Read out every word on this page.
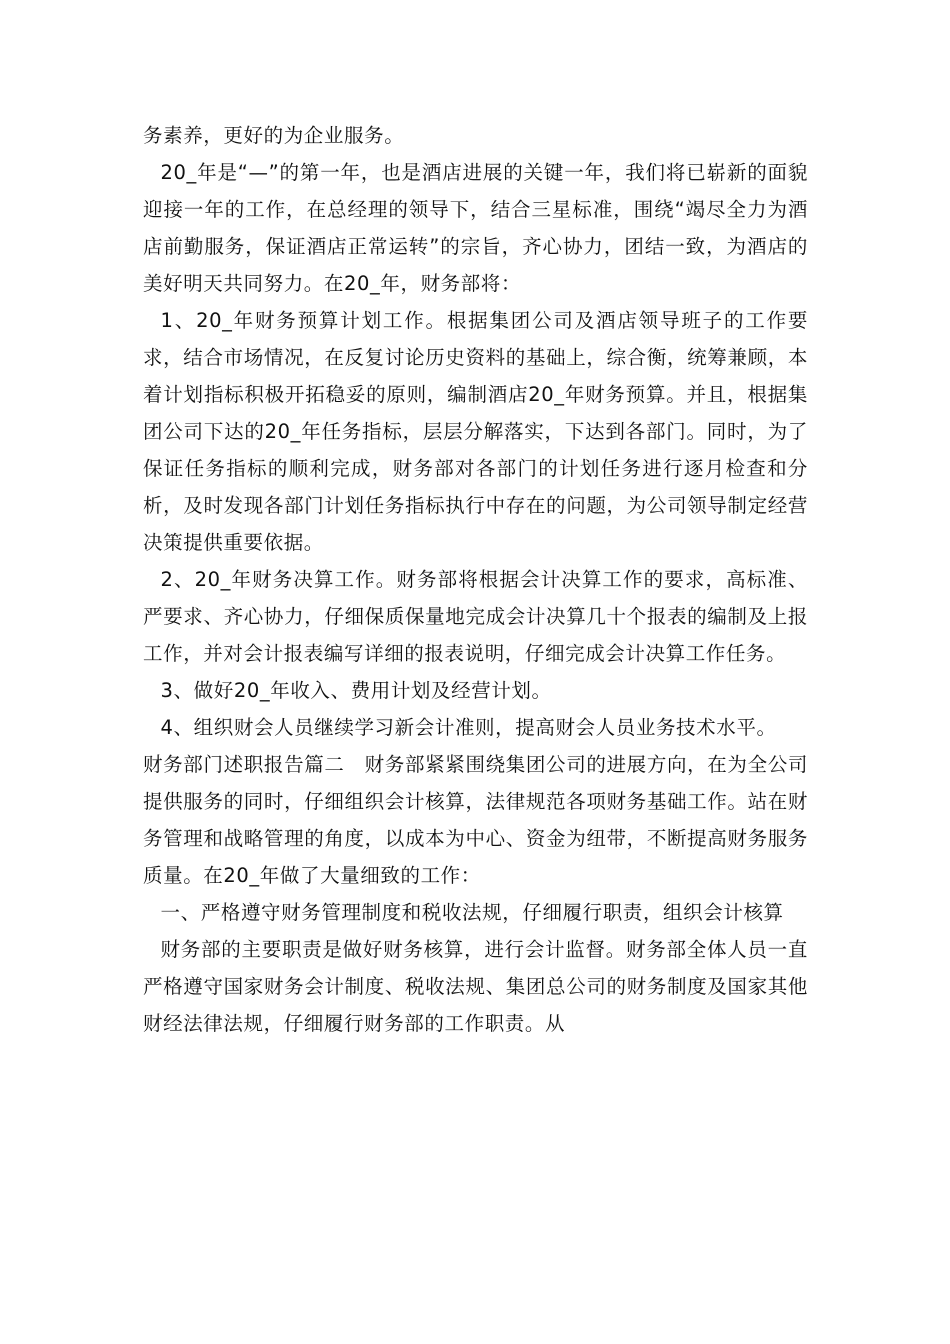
务素养，更好的为企业服务。

20_年是“—”的第一年，也是酒店进展的关键一年，我们将已崭新的面貌迎接一年的工作，在总经理的领导下，结合三星标准，围绕“竭尽全力为酒店前勤服务，保证酒店正常运转”的宗旨，齐心协力，团结一致，为酒店的美好明天共同努力。在20_年，财务部将：

1、20_年财务预算计划工作。根据集团公司及酒店领导班子的工作要求，结合市场情况，在反复讨论历史资料的基础上，综合衡，统筹兼顾，本着计划指标积极开拓稳妥的原则，编制酒店20_年财务预算。并且，根据集团公司下达的20_年任务指标，层层分解落实，下达到各部门。同时，为了保证任务指标的顺利完成，财务部对各部门的计划任务进行逐月检查和分析，及时发现各部门计划任务指标执行中存在的问题，为公司领导制定经营决策提供重要依据。

2、20_年财务决算工作。财务部将根据会计决算工作的要求，高标准、严要求、齐心协力，仔细保质保量地完成会计决算几十个报表的编制及上报工作，并对会计报表编写详细的报表说明，仔细完成会计决算工作任务。

3、做好20_年收入、费用计划及经营计划。

4、组织财会人员继续学习新会计准则，提高财会人员业务技术水平。

财务部门述职报告篇二　财务部紧紧围绕集团公司的进展方向，在为全公司提供服务的同时，仔细组织会计核算，法律规范各项财务基础工作。站在财务管理和战略管理的角度，以成本为中心、资金为纽带，不断提高财务服务质量。在20_年做了大量细致的工作：

一、严格遵守财务管理制度和税收法规，仔细履行职责，组织会计核算

财务部的主要职责是做好财务核算，进行会计监督。财务部全体人员一直严格遵守国家财务会计制度、税收法规、集团总公司的财务制度及国家其他财经法律法规，仔细履行财务部的工作职责。从
